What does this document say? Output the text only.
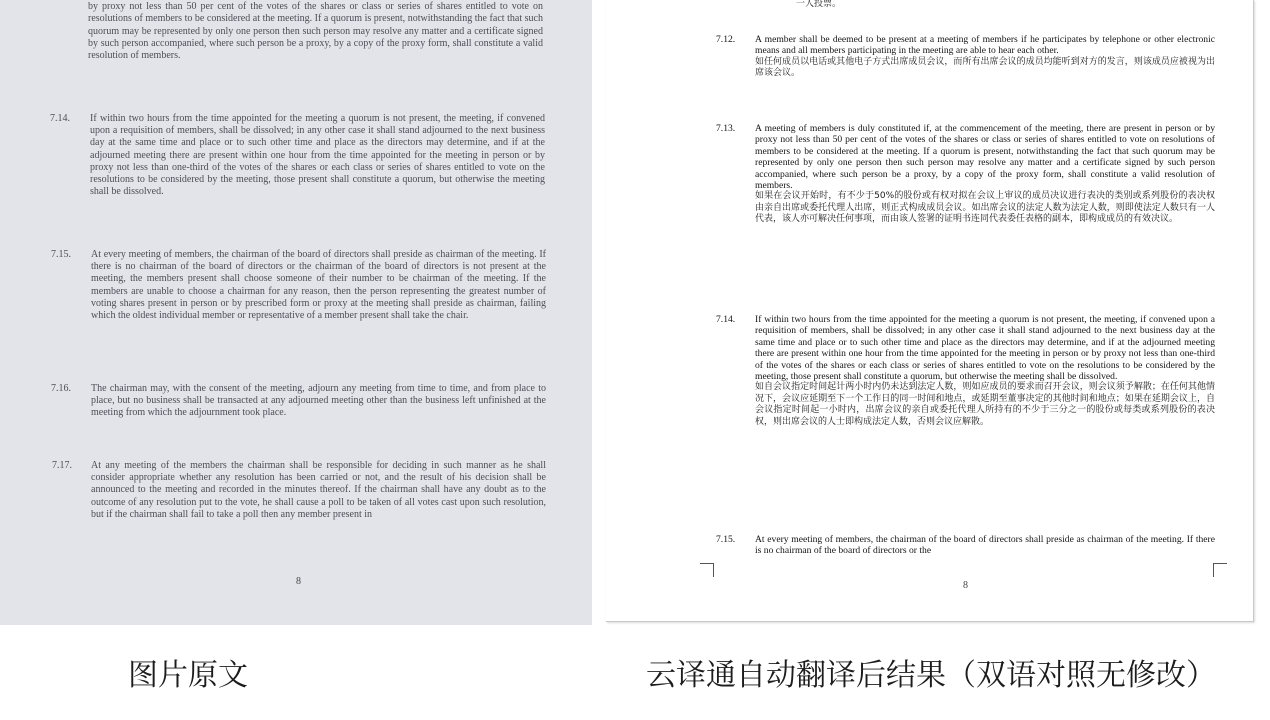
by proxy not less than 50 per cent of the votes of the shares or class or series of shares entitled to vote on resolutions of members to be considered at the meeting. If a quorum is present, notwithstanding the fact that such quorum may be represented by only one person then such person may resolve any matter and a certificate signed by such person accompanied, where such person be a proxy, by a copy of the proxy form, shall constitute a valid resolution of members.
7.14. If within two hours from the time appointed for the meeting a quorum is not present, the meeting, if convened upon a requisition of members, shall be dissolved; in any other case it shall stand adjourned to the next business day at the same time and place or to such other time and place as the directors may determine, and if at the adjourned meeting there are present within one hour from the time appointed for the meeting in person or by proxy not less than one-third of the votes of the shares or each class or series of shares entitled to vote on the resolutions to be considered by the meeting, those present shall constitute a quorum, but otherwise the meeting shall be dissolved.
7.15. At every meeting of members, the chairman of the board of directors shall preside as chairman of the meeting. If there is no chairman of the board of directors or the chairman of the board of directors is not present at the meeting, the members present shall choose someone of their number to be chairman of the meeting. If the members are unable to choose a chairman for any reason, then the person representing the greatest number of voting shares present in person or by prescribed form or proxy at the meeting shall preside as chairman, failing which the oldest individual member or representative of a member present shall take the chair.
7.16. The chairman may, with the consent of the meeting, adjourn any meeting from time to time, and from place to place, but no business shall be transacted at any adjourned meeting other than the business left unfinished at the meeting from which the adjournment took place.
7.17. At any meeting of the members the chairman shall be responsible for deciding in such manner as he shall consider appropriate whether any resolution has been carried or not, and the result of his decision shall be announced to the meeting and recorded in the minutes thereof. If the chairman shall have any doubt as to the outcome of any resolution put to the vote, he shall cause a poll to be taken of all votes cast upon such resolution, but if the chairman shall fail to take a poll then any member present in
8
一人投票。
7.12. A member shall be deemed to be present at a meeting of members if he participates by telephone or other electronic means and all members participating in the meeting are able to hear each other.
如任何成员以电话或其他电子方式出席成员会议，而所有出席会议的成员均能听到对方的发言，则该成员应被视为出席该会议。
7.13. A meeting of members is duly constituted if, at the commencement of the meeting, there are present in person or by proxy not less than 50 per cent of the votes of the shares or class or series of shares entitled to vote on resolutions of members to be considered at the meeting. If a quorum is present, notwithstanding the fact that such quorum may be represented by only one person then such person may resolve any matter and a certificate signed by such person accompanied, where such person be a proxy, by a copy of the proxy form, shall constitute a valid resolution of members.
如果在会议开始时，有不少于50%的股份或有权对拟在会议上审议的成员决议进行表决的类别或系列股份的表决权由亲自出席或委托代理人出席，则正式构成成员会议。如出席会议的法定人数为法定人数，则即使法定人数只有一人代表，该人亦可解决任何事项，而由该人签署的证明书连同代表委任表格的副本，即构成成员的有效决议。
7.14. If within two hours from the time appointed for the meeting a quorum is not present, the meeting, if convened upon a requisition of members, shall be dissolved; in any other case it shall stand adjourned to the next business day at the same time and place or to such other time and place as the directors may determine, and if at the adjourned meeting there are present within one hour from the time appointed for the meeting in person or by proxy not less than one-third of the votes of the shares or each class or series of shares entitled to vote on the resolutions to be considered by the meeting, those present shall constitute a quorum, but otherwise the meeting shall be dissolved.
如自会议指定时间起计两小时内仍未达到法定人数，则如应成员的要求而召开会议，则会议须予解散；在任何其他情况下，会议应延期至下一个工作日的同一时间和地点，或延期至董事决定的其他时间和地点；如果在延期会议上，自会议指定时间起一小时内，出席会议的亲自或委托代理人所持有的不少于三分之一的股份或每类或系列股份的表决权，则出席会议的人士即构成法定人数，否则会议应解散。
7.15. At every meeting of members, the chairman of the board of directors shall preside as chairman of the meeting. If there is no chairman of the board of directors or the
8
图片原文	云译通自动翻译后结果（双语对照无修改）
